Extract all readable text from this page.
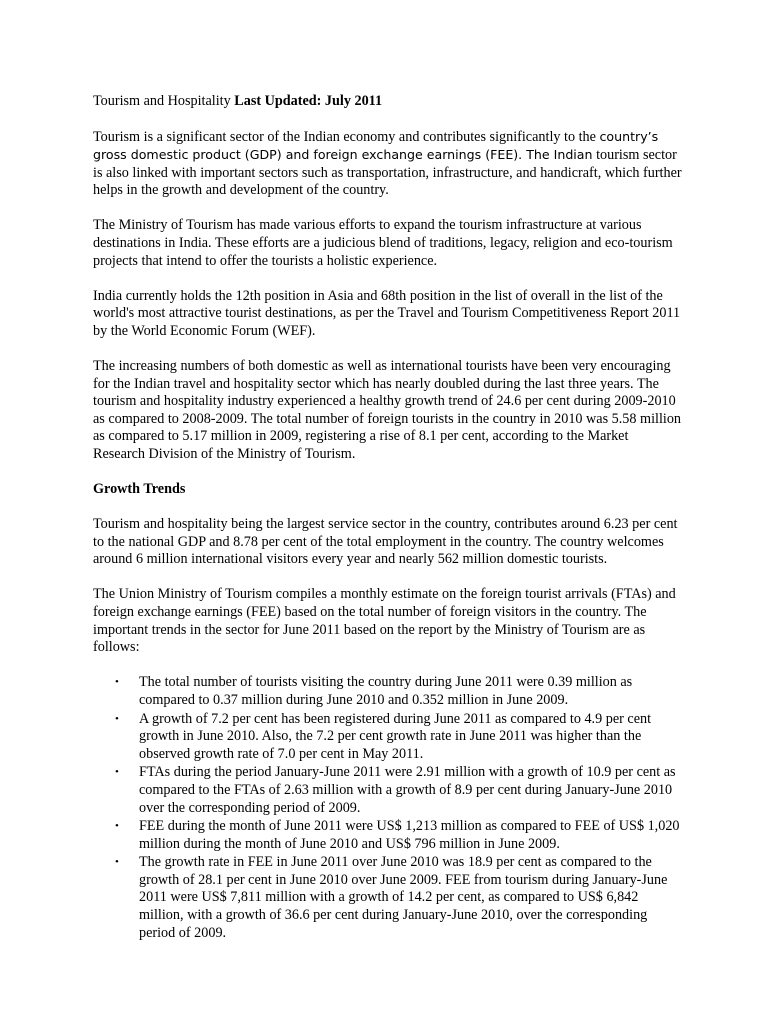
Tourism and Hospitality Last Updated: July 2011

Tourism is a significant sector of the Indian economy and contributes significantly to the country’s gross domestic product (GDP) and foreign exchange earnings (FEE). The Indian tourism sector is also linked with important sectors such as transportation, infrastructure, and handicraft, which further helps in the growth and development of the country.

The Ministry of Tourism has made various efforts to expand the tourism infrastructure at various destinations in India. These efforts are a judicious blend of traditions, legacy, religion and eco-tourism projects that intend to offer the tourists a holistic experience.

India currently holds the 12th position in Asia and 68th position in the list of overall in the list of the world's most attractive tourist destinations, as per the Travel and Tourism Competitiveness Report 2011 by the World Economic Forum (WEF).

The increasing numbers of both domestic as well as international tourists have been very encouraging for the Indian travel and hospitality sector which has nearly doubled during the last three years. The tourism and hospitality industry experienced a healthy growth trend of 24.6 per cent during 2009-2010 as compared to 2008-2009. The total number of foreign tourists in the country in 2010 was 5.58 million as compared to 5.17 million in 2009, registering a rise of 8.1 per cent, according to the Market Research Division of the Ministry of Tourism.

Growth Trends

Tourism and hospitality being the largest service sector in the country, contributes around 6.23 per cent to the national GDP and 8.78 per cent of the total employment in the country. The country welcomes around 6 million international visitors every year and nearly 562 million domestic tourists.

The Union Ministry of Tourism compiles a monthly estimate on the foreign tourist arrivals (FTAs) and foreign exchange earnings (FEE) based on the total number of foreign visitors in the country. The important trends in the sector for June 2011 based on the report by the Ministry of Tourism are as follows:

• The total number of tourists visiting the country during June 2011 were 0.39 million as compared to 0.37 million during June 2010 and 0.352 million in June 2009.
• A growth of 7.2 per cent has been registered during June 2011 as compared to 4.9 per cent growth in June 2010. Also, the 7.2 per cent growth rate in June 2011 was higher than the observed growth rate of 7.0 per cent in May 2011.
• FTAs during the period January-June 2011 were 2.91 million with a growth of 10.9 per cent as compared to the FTAs of 2.63 million with a growth of 8.9 per cent during January-June 2010 over the corresponding period of 2009.
• FEE during the month of June 2011 were US$ 1,213 million as compared to FEE of US$ 1,020 million during the month of June 2010 and US$ 796 million in June 2009.
• The growth rate in FEE in June 2011 over June 2010 was 18.9 per cent as compared to the growth of 28.1 per cent in June 2010 over June 2009. FEE from tourism during January-June 2011 were US$ 7,811 million with a growth of 14.2 per cent, as compared to US$ 6,842 million, with a growth of 36.6 per cent during January-June 2010, over the corresponding period of 2009.
